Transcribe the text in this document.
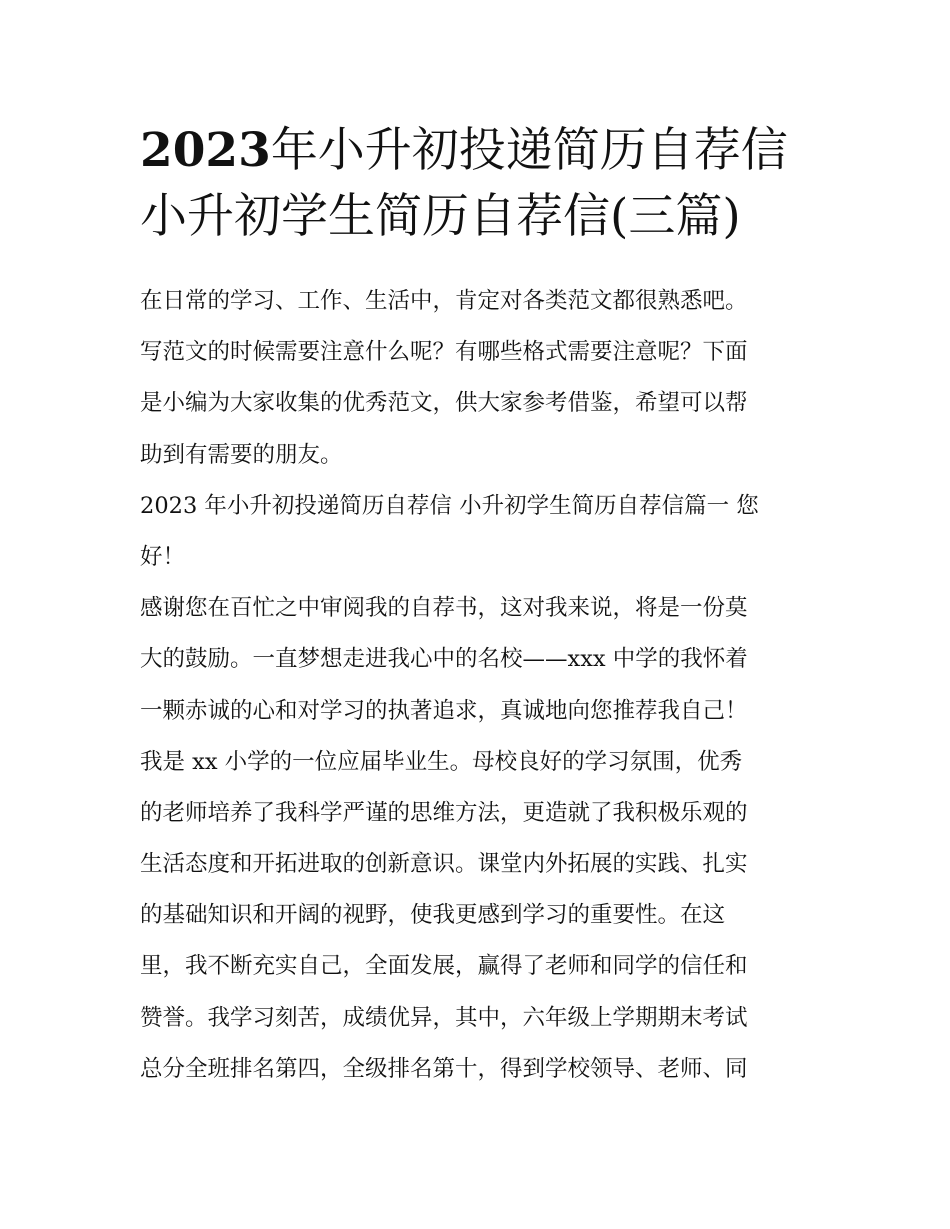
2023年小升初投递简历自荐信
小升初学生简历自荐信(三篇)
在日常的学习、工作、生活中，肯定对各类范文都很熟悉吧。
写范文的时候需要注意什么呢？有哪些格式需要注意呢？下面
是小编为大家收集的优秀范文，供大家参考借鉴，希望可以帮
助到有需要的朋友。
2023 年小升初投递简历自荐信 小升初学生简历自荐信篇一 您
好！
感谢您在百忙之中审阅我的自荐书，这对我来说，将是一份莫
大的鼓励。一直梦想走进我心中的名校——xxx 中学的我怀着
一颗赤诚的心和对学习的执著追求，真诚地向您推荐我自己！
我是 xx 小学的一位应届毕业生。母校良好的学习氛围，优秀
的老师培养了我科学严谨的思维方法，更造就了我积极乐观的
生活态度和开拓进取的创新意识。课堂内外拓展的实践、扎实
的基础知识和开阔的视野，使我更感到学习的重要性。在这
里，我不断充实自己，全面发展，赢得了老师和同学的信任和
赞誉。我学习刻苦，成绩优异，其中，六年级上学期期末考试
总分全班排名第四，全级排名第十，得到学校领导、老师、同
